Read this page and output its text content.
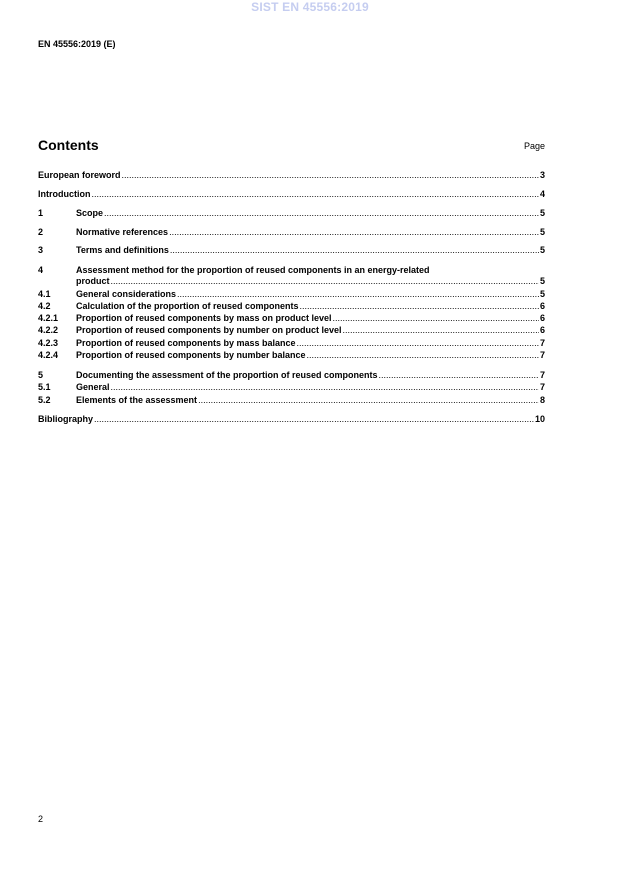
SIST EN 45556:2019
EN 45556:2019 (E)
Contents	Page
European foreword .....	3
Introduction .....	4
1	Scope .....	5
2	Normative references .....	5
3	Terms and definitions .....	5
4	Assessment method for the proportion of reused components in an energy-related
product .....	5
4.1	General considerations .....	5
4.2	Calculation of the proportion of reused components .....	6
4.2.1	Proportion of reused components by mass on product level .....	6
4.2.2	Proportion of reused components by number on product level .....	6
4.2.3	Proportion of reused components by mass balance .....	7
4.2.4	Proportion of reused components by number balance .....	7
5	Documenting the assessment of the proportion of reused components .....	7
5.1	General .....	7
5.2	Elements of the assessment .....	8
Bibliography .....	10
2
